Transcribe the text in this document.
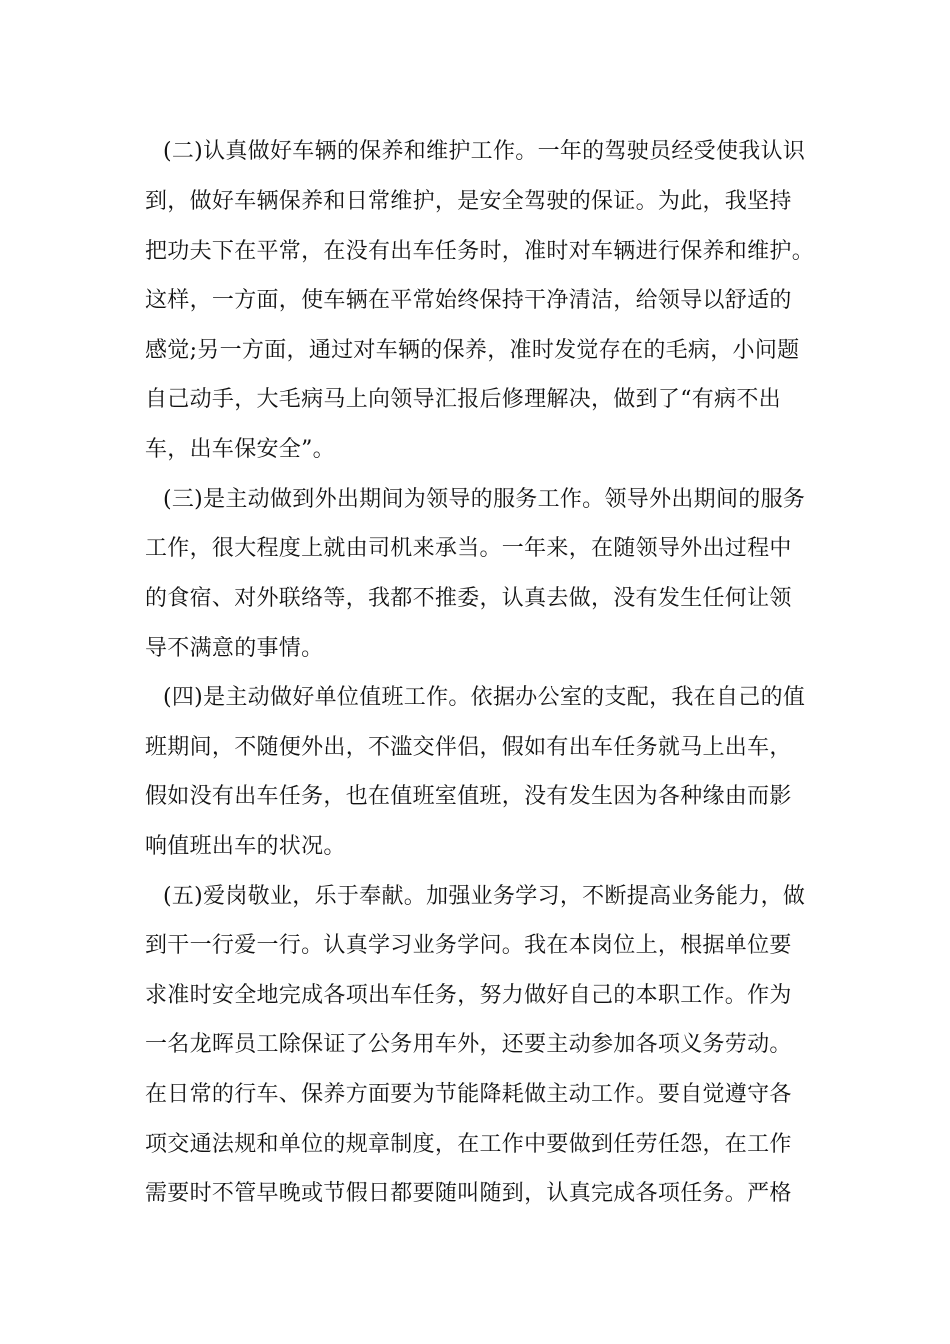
(二)认真做好车辆的保养和维护工作。一年的驾驶员经受使我认识
到，做好车辆保养和日常维护，是安全驾驶的保证。为此，我坚持
把功夫下在平常，在没有出车任务时，准时对车辆进行保养和维护。
这样，一方面，使车辆在平常始终保持干净清洁，给领导以舒适的
感觉;另一方面，通过对车辆的保养，准时发觉存在的毛病，小问题
自己动手，大毛病马上向领导汇报后修理解决，做到了“有病不出
车，出车保安全”。
(三)是主动做到外出期间为领导的服务工作。领导外出期间的服务
工作，很大程度上就由司机来承当。一年来，在随领导外出过程中
的食宿、对外联络等，我都不推委，认真去做，没有发生任何让领
导不满意的事情。
(四)是主动做好单位值班工作。依据办公室的支配，我在自己的值
班期间，不随便外出，不滥交伴侣，假如有出车任务就马上出车，
假如没有出车任务，也在值班室值班，没有发生因为各种缘由而影
响值班出车的状况。
(五)爱岗敬业，乐于奉献。加强业务学习，不断提高业务能力，做
到干一行爱一行。认真学习业务学问。我在本岗位上，根据单位要
求准时安全地完成各项出车任务，努力做好自己的本职工作。作为
一名龙晖员工除保证了公务用车外，还要主动参加各项义务劳动。
在日常的行车、保养方面要为节能降耗做主动工作。要自觉遵守各
项交通法规和单位的规章制度，在工作中要做到任劳任怨，在工作
需要时不管早晚或节假日都要随叫随到，认真完成各项任务。严格
